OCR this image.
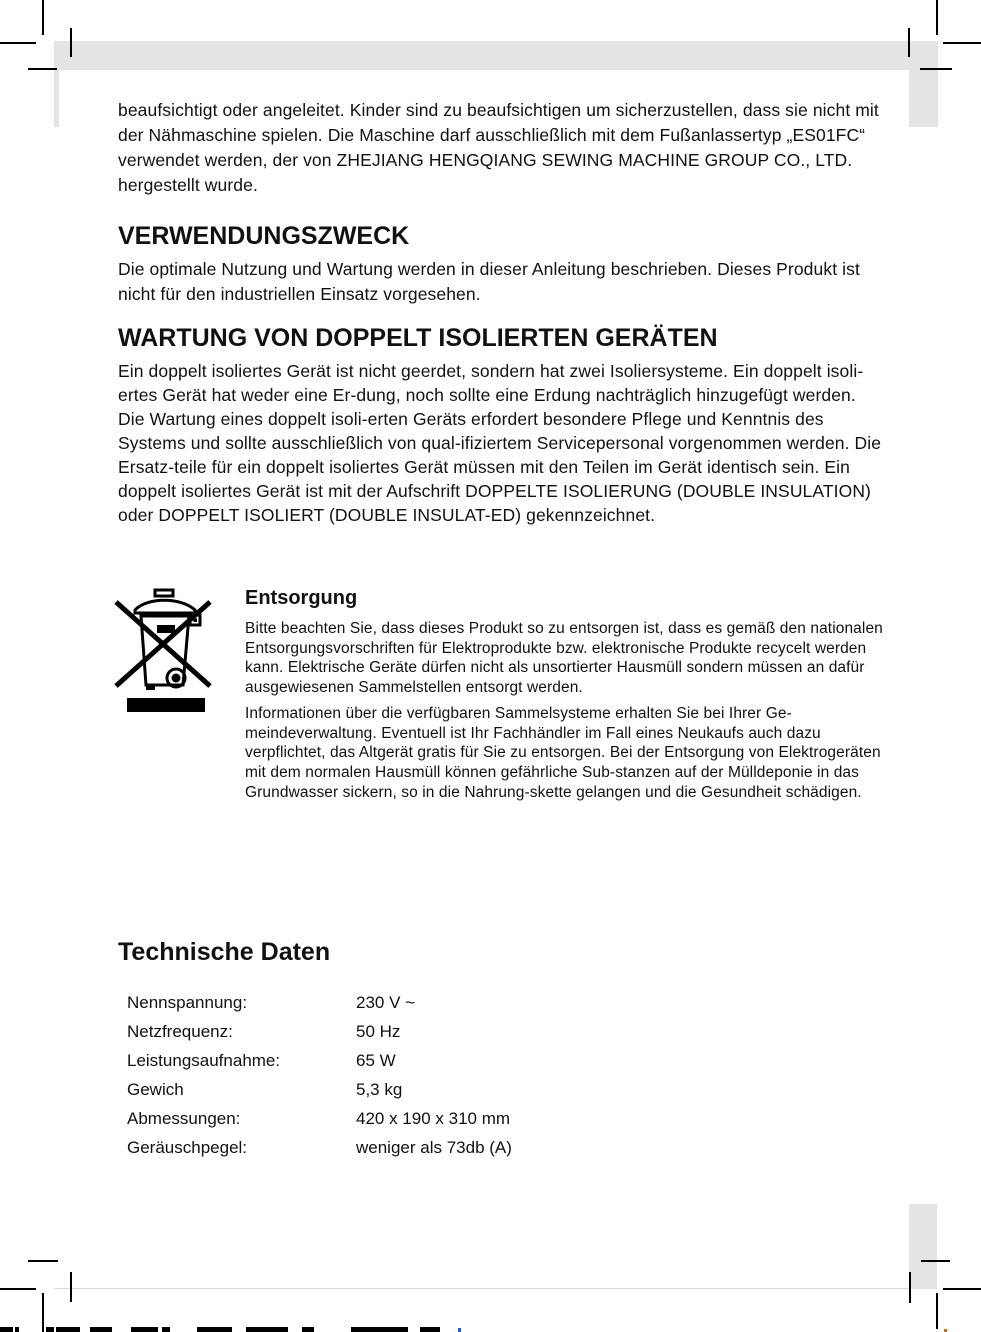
beaufsichtigt oder angeleitet. Kinder sind zu beaufsichtigen um sicherzustellen, dass sie nicht mit der Nähmaschine spielen. Die Maschine darf ausschließlich mit dem Fußanlassertyp „ES01FC“ verwendet werden, der von ZHEJIANG HENGQIANG SEWING MACHINE GROUP CO., LTD. hergestellt wurde.

VERWENDUNGSZWECK

Die optimale Nutzung und Wartung werden in dieser Anleitung beschrieben. Dieses Produkt ist nicht für den industriellen Einsatz vorgesehen.

WARTUNG VON DOPPELT ISOLIERTEN GERÄTEN

Ein doppelt isoliertes Gerät ist nicht geerdet, sondern hat zwei Isoliersysteme. Ein doppelt isoli-ertes Gerät hat weder eine Er-dung, noch sollte eine Erdung nachträglich hinzugefügt werden. Die Wartung eines doppelt isoli-erten Geräts erfordert besondere Pflege und Kenntnis des Systems und sollte ausschließlich von qual-ifiziertem Servicepersonal vorgenommen werden. Die Ersatz-teile für ein doppelt isoliertes Gerät müssen mit den Teilen im Gerät identisch sein. Ein doppelt isoliertes Gerät ist mit der Aufschrift DOPPELTE ISOLIERUNG (DOUBLE INSULATION) oder DOPPELT ISOLIERT (DOUBLE INSULAT-ED) gekennzeichnet.

Entsorgung

Bitte beachten Sie, dass dieses Produkt so zu entsorgen ist, dass es gemäß den nationalen Entsorgungsvorschriften für Elektroprodukte bzw. elektronische Produkte recycelt werden kann. Elektrische Geräte dürfen nicht als unsortierter Hausmüll sondern müssen an dafür ausgewiesenen Sammelstellen entsorgt werden.

Informationen über die verfügbaren Sammelsysteme erhalten Sie bei Ihrer Ge-meindeverwaltung. Eventuell ist Ihr Fachhändler im Fall eines Neukaufs auch dazu verpflichtet, das Altgerät gratis für Sie zu entsorgen. Bei der Entsorgung von Elektrogeräten mit dem normalen Hausmüll können gefährliche Sub-stanzen auf der Mülldeponie in das Grundwasser sickern, so in die Nahrung-skette gelangen und die Gesundheit schädigen.

Technische Daten
Nennspannung:	230 V ~
Netzfrequenz:	50 Hz
Leistungsaufnahme:	65 W
Gewich	5,3 kg
Abmessungen:	420 x 190 x 310 mm
Geräuschpegel:	weniger als 73db (A)
